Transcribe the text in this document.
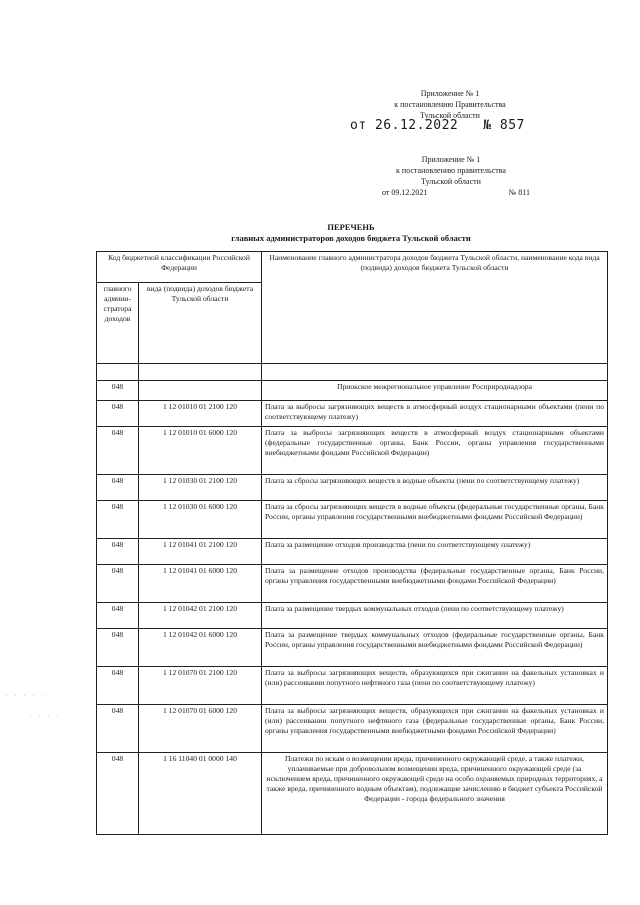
Приложение № 1
к постановлению Правительства
Тульской области
от 26.12.2022   № 857
Приложение № 1
к постановлению правительства
Тульской области
от 09.12.2021	№ 811
ПЕРЕЧЕНЬ
главных администраторов доходов бюджета Тульской области
Код бюджетной классификации Российской Федерации		Наименование главного администратора доходов бюджета Тульской области, наименование кода вида (подвида) доходов бюджета Тульской области
главного админи-стратора доходов	вида (подвида) доходов бюджета Тульской области	

048		Приокское межрегиональное управление Росприроднадзора
048	1 12 01010 01 2100 120	Плата за выбросы загрязняющих веществ в атмосферный воздух стационарными объектами (пени по соответствующему платежу)
048	1 12 01010 01 6000 120	Плата за выбросы загрязняющих веществ в атмосферный воздух стационарными объектами (федеральные государственные органы, Банк России, органы управления государственными внебюджетными фондами Российской Федерации)
048	1 12 01030 01 2100 120	Плата за сбросы загрязняющих веществ в водные объекты (пени по соответствующему платежу)
048	1 12 01030 01 6000 120	Плата за сбросы загрязняющих веществ в водные объекты (федеральные государственные органы, Банк России, органы управления государственными внебюджетными фондами Российской Федерации)
048	1 12 01041 01 2100 120	Плата за размещение отходов производства (пени по соответствующему платежу)
048	1 12 01041 01 6000 120	Плата за размещение отходов производства (федеральные государственные органы, Банк России, органы управления государственными внебюджетными фондами Российской Федерации)
048	1 12 01042 01 2100 120	Плата за размещение твердых коммунальных отходов (пени по соответствующему платежу)
048	1 12 01042 01 6000 120	Плата за размещение твердых коммунальных отходов (федеральные государственные органы, Банк России, органы управления государственными внебюджетными фондами Российской Федерации)
048	1 12 01070 01 2100 120	Плата за выбросы загрязняющих веществ, образующихся при сжигании на факельных установках и (или) рассеивании попутного нефтяного газа (пени по соответствующему платежу)
048	1 12 01070 01 6000 120	Плата за выбросы загрязняющих веществ, образующихся при сжигании на факельных установках и (или) рассеивании попутного нефтяного газа (федеральные государственные органы, Банк России, органы управления государственными внебюджетными фондами Российской Федерации)
048	1 16 11040 01 0000 140	Платежи по искам о возмещении вреда, причиненного окружающей среде, а также платежи, уплачиваемые при добровольном возмещении вреда, причиненного окружающей среде (за исключением вреда, причиненного окружающей среде на особо охраняемых природных территориях, а также вреда, причиненного водным объектам), подлежащие зачислению в бюджет субъекта Российской Федерации - города федерального значения
. . . . .
. . . .
